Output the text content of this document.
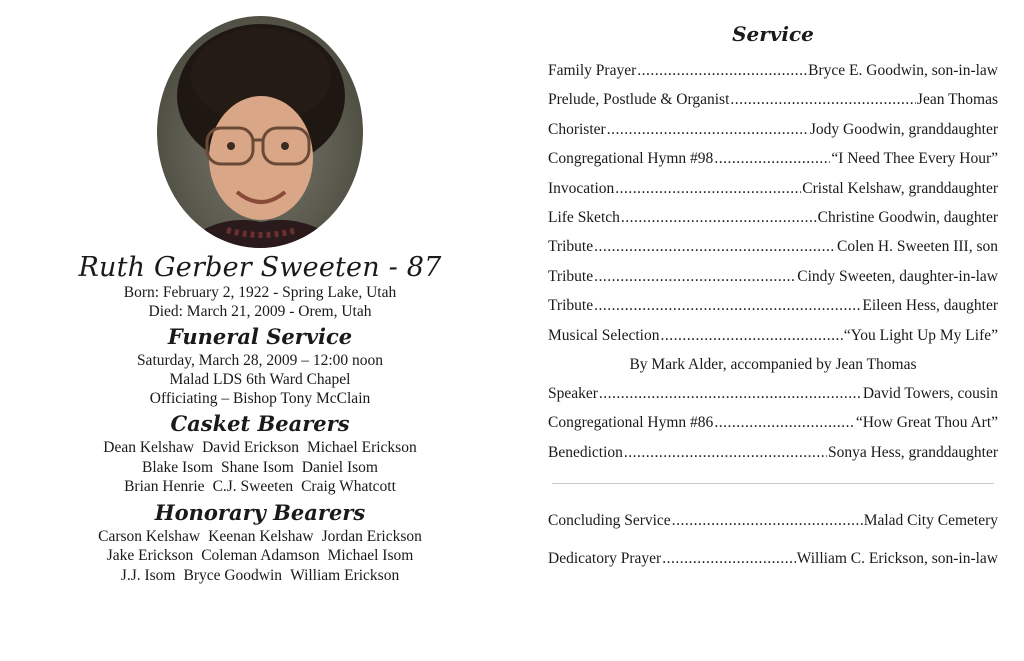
Ruth Gerber Sweeten - 87
Born: February 2, 1922 - Spring Lake, Utah
Died: March 21, 2009 - Orem, Utah
Funeral Service
Saturday, March 28, 2009 – 12:00 noon
Malad LDS 6th Ward Chapel
Officiating – Bishop Tony McClain
Casket Bearers
Dean Kelshaw David Erickson Michael Erickson
Blake Isom Shane Isom Daniel Isom
Brian Henrie C.J. Sweeten Craig Whatcott
Honorary Bearers
Carson Kelshaw Keenan Kelshaw Jordan Erickson
Jake Erickson Coleman Adamson Michael Isom
J.J. Isom Bryce Goodwin William Erickson
Service
Family Prayer .....	Bryce E. Goodwin, son-in-law
Prelude, Postlude & Organist .....	Jean Thomas
Chorister .....	Jody Goodwin, granddaughter
Congregational Hymn #98 .....	“I Need Thee Every Hour”
Invocation .....	Cristal Kelshaw, granddaughter
Life Sketch .....	Christine Goodwin, daughter
Tribute .....	Colen H. Sweeten III, son
Tribute .....	Cindy Sweeten, daughter-in-law
Tribute .....	Eileen Hess, daughter
Musical Selection .....	“You Light Up My Life”
By Mark Alder, accompanied by Jean Thomas
Speaker .....	David Towers, cousin
Congregational Hymn #86 .....	“How Great Thou Art”
Benediction .....	Sonya Hess, granddaughter
Concluding Service .....	Malad City Cemetery
Dedicatory Prayer .....	William C. Erickson, son-in-law
